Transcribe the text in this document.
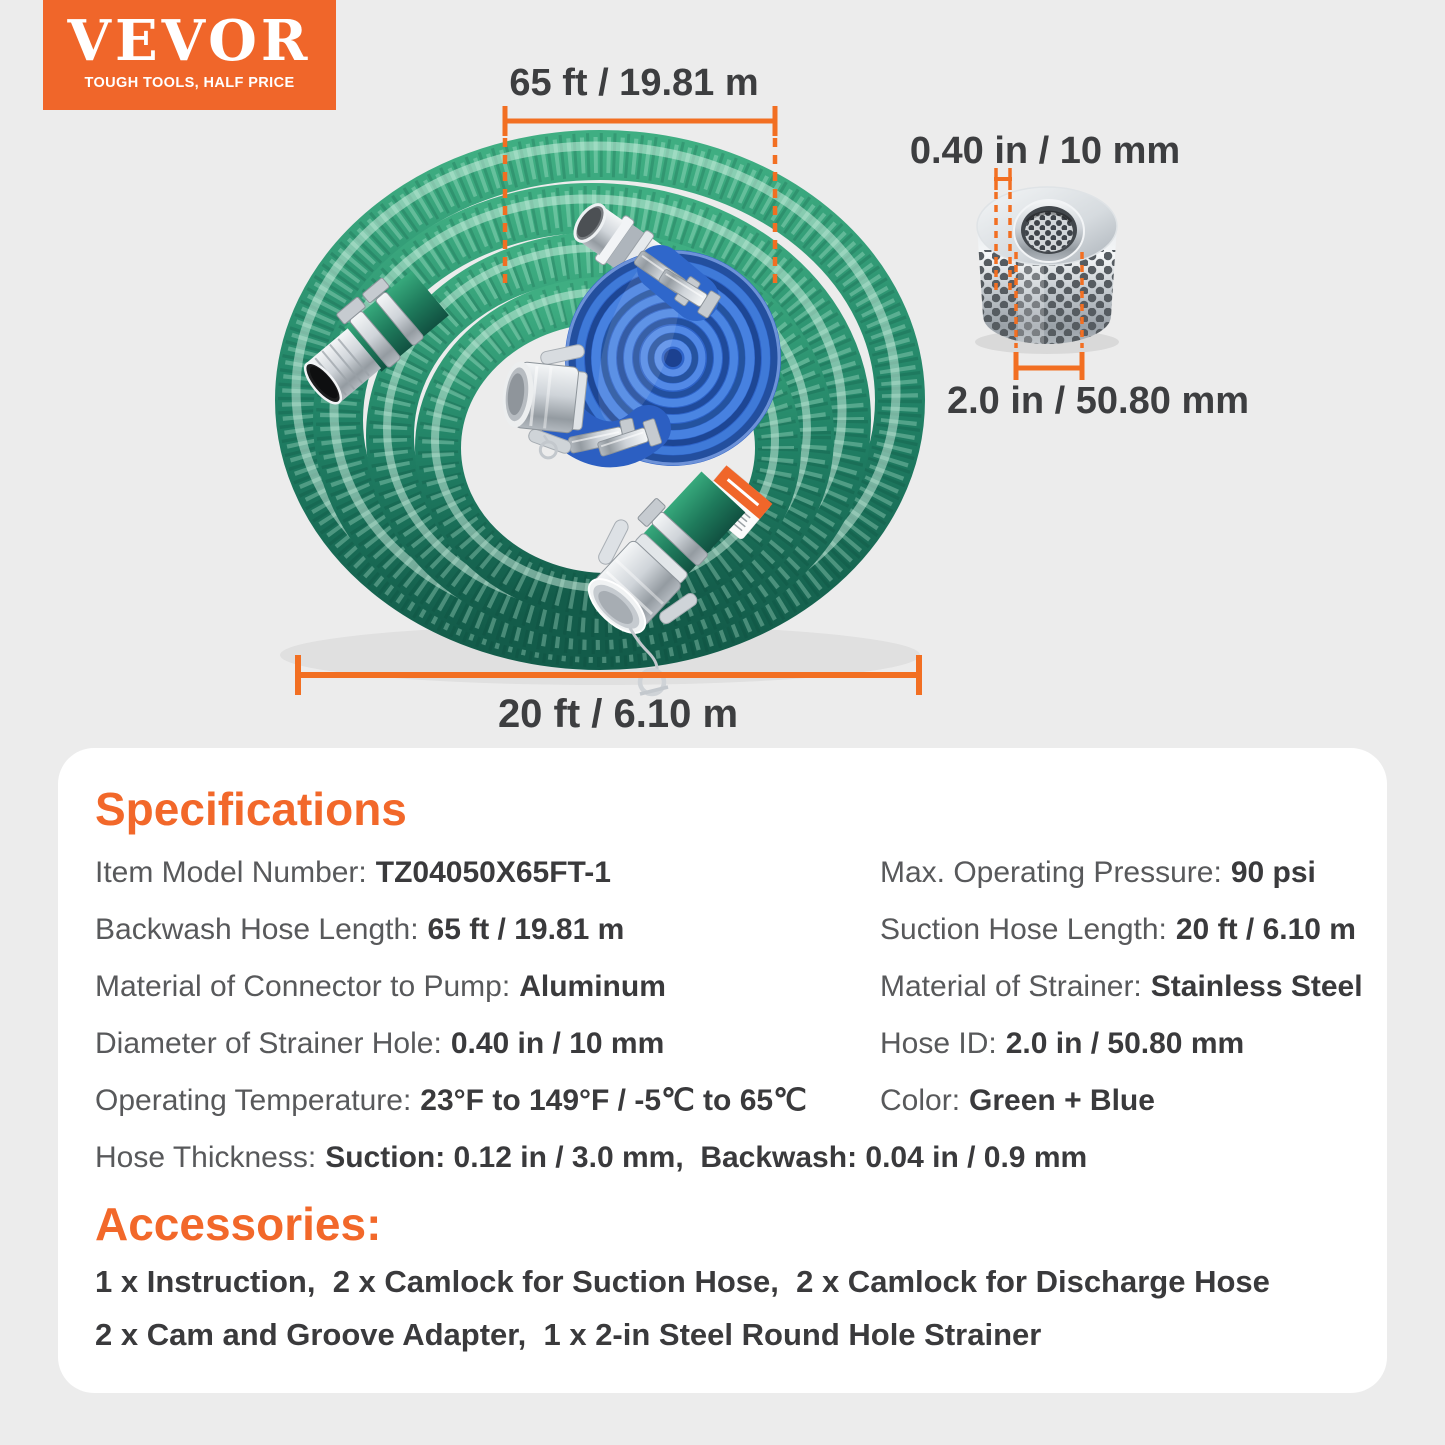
VEVOR
TOUGH TOOLS, HALF PRICE	65 ft / 19.81 m
0.40 in / 10 mm
2.0 in / 50.80 mm
20 ft / 6.10 m
Specifications
Item Model Number: TZ04050X65FT-1
Backwash Hose Length: 65 ft / 19.81 m
Material of Connector to Pump: Aluminum
Diameter of Strainer Hole: 0.40 in / 10 mm
Operating Temperature: 23°F to 149°F / -5℃ to 65℃
Hose Thickness: Suction: 0.12 in / 3.0 mm,  Backwash: 0.04 in / 0.9 mm
Max. Operating Pressure: 90 psi
Suction Hose Length: 20 ft / 6.10 m
Material of Strainer: Stainless Steel
Hose ID: 2.0 in / 50.80 mm
Color: Green + Blue
Accessories:
1 x Instruction,  2 x Camlock for Suction Hose,  2 x Camlock for Discharge Hose
2 x Cam and Groove Adapter,  1 x 2-in Steel Round Hole Strainer
